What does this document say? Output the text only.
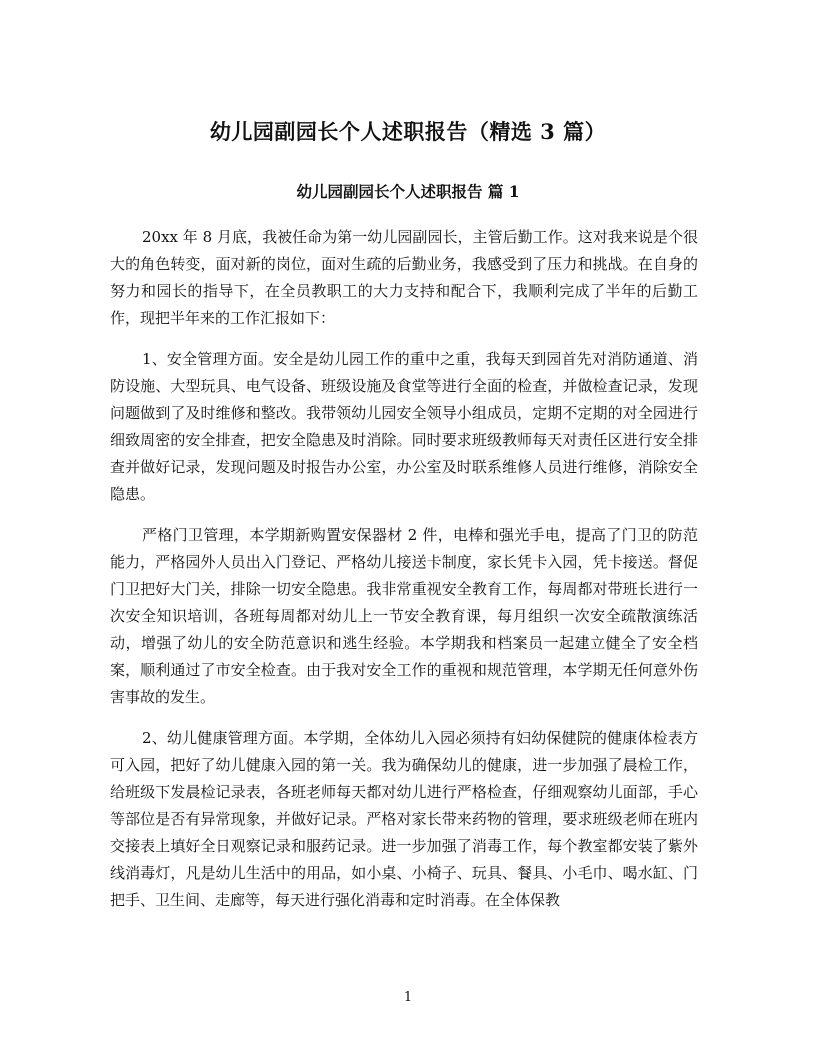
幼儿园副园长个人述职报告（精选 3 篇）
幼儿园副园长个人述职报告 篇 1

20xx 年 8 月底，我被任命为第一幼儿园副园长，主管后勤工作。这对我来说是个很大的角色转变，面对新的岗位，面对生疏的后勤业务，我感受到了压力和挑战。在自身的努力和园长的指导下，在全员教职工的大力支持和配合下，我顺利完成了半年的后勤工作，现把半年来的工作汇报如下：

1、安全管理方面。安全是幼儿园工作的重中之重，我每天到园首先对消防通道、消防设施、大型玩具、电气设备、班级设施及食堂等进行全面的检查，并做检查记录，发现问题做到了及时维修和整改。我带领幼儿园安全领导小组成员，定期不定期的对全园进行细致周密的安全排查，把安全隐患及时消除。同时要求班级教师每天对责任区进行安全排查并做好记录，发现问题及时报告办公室，办公室及时联系维修人员进行维修，消除安全隐患。

严格门卫管理，本学期新购置安保器材 2 件，电棒和强光手电，提高了门卫的防范能力，严格园外人员出入门登记、严格幼儿接送卡制度，家长凭卡入园，凭卡接送。督促门卫把好大门关，排除一切安全隐患。我非常重视安全教育工作，每周都对带班长进行一次安全知识培训，各班每周都对幼儿上一节安全教育课，每月组织一次安全疏散演练活动，增强了幼儿的安全防范意识和逃生经验。本学期我和档案员一起建立健全了安全档案，顺利通过了市安全检查。由于我对安全工作的重视和规范管理，本学期无任何意外伤害事故的发生。

2、幼儿健康管理方面。本学期，全体幼儿入园必须持有妇幼保健院的健康体检表方可入园，把好了幼儿健康入园的第一关。我为确保幼儿的健康，进一步加强了晨检工作，给班级下发晨检记录表，各班老师每天都对幼儿进行严格检查，仔细观察幼儿面部，手心等部位是否有异常现象，并做好记录。严格对家长带来药物的管理，要求班级老师在班内交接表上填好全日观察记录和服药记录。进一步加强了消毒工作，每个教室都安装了紫外线消毒灯，凡是幼儿生活中的用品，如小桌、小椅子、玩具、餐具、小毛巾、喝水缸、门把手、卫生间、走廊等，每天进行强化消毒和定时消毒。在全体保教

1
